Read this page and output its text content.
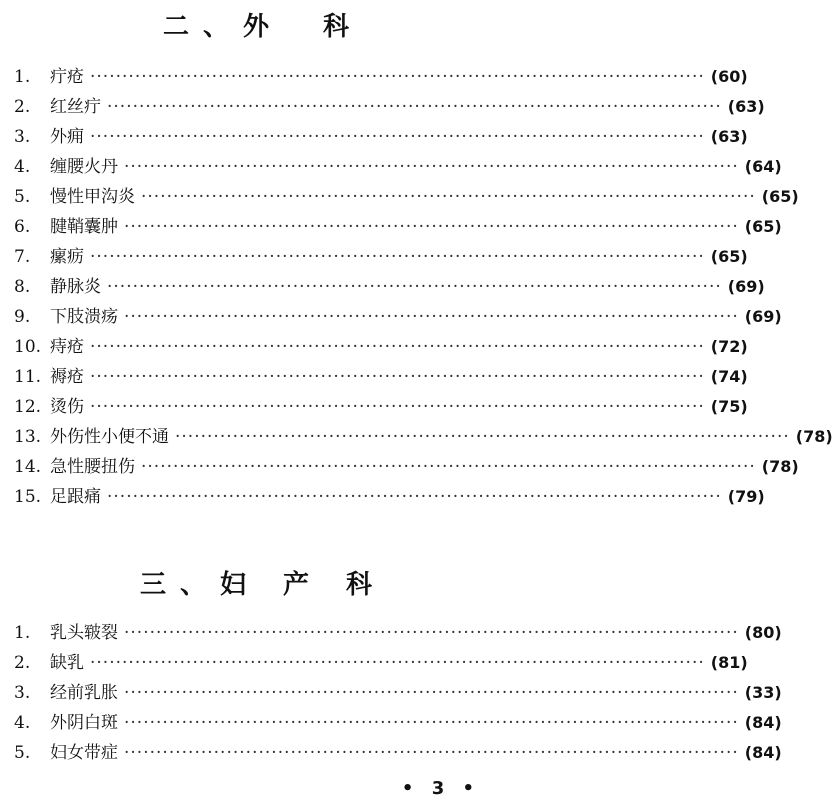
二、外　科
1.	疔疮 ································································································ (60)
2.	红丝疔 ································································································ (63)
3.	外痈 ································································································ (63)
4.	缠腰火丹 ································································································ (64)
5.	慢性甲沟炎 ································································································ (65)
6.	腱鞘囊肿 ································································································ (65)
7.	瘰疬 ································································································ (65)
8.	静脉炎 ································································································ (69)
9.	下肢溃疡 ································································································ (69)
10. 痔疮 ································································································ (72)
11. 褥疮 ································································································ (74)
12. 烫伤 ································································································ (75)
13. 外伤性小便不通 ································································································ (78)
14. 急性腰扭伤 ································································································ (78)
15. 足跟痛 ································································································ (79)
三、妇 产 科
1.	乳头皲裂 ································································································ (80)
2.	缺乳 ································································································ (81)
3.	经前乳胀 ································································································ (33)
4.	外阴白斑 ································································································ (84)
5.	妇女带症 ································································································ (84)
• 3 •
